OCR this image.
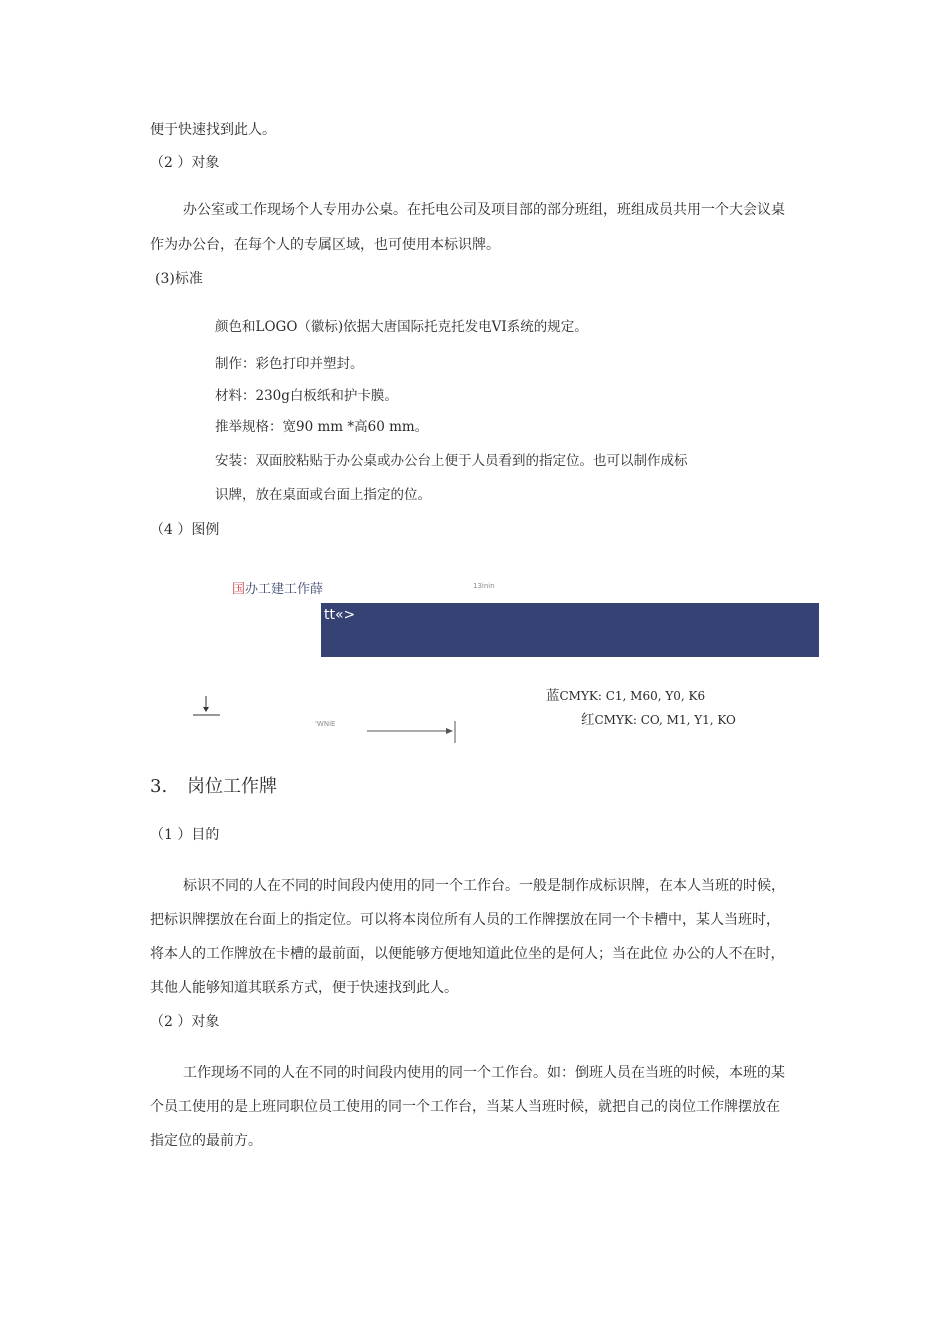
便于快速找到此人。
（2 ）对象
办公室或工作现场个人专用办公桌。在托电公司及项目部的部分班组，班组成员共用一个大会议桌
作为办公台，在每个人的专属区域，也可使用本标识牌。
(3)标准
颜色和LOGO（徽标)依据大唐国际托克托发电VI系统的规定。
制作：彩色打印并塑封。
材料：230g白板纸和护卡膜。
推举规格：宽90 mm *高60 mm。
安装：双面胶粘贴于办公桌或办公台上便于人员看到的指定位。也可以制作成标
识牌，放在桌面或台面上指定的位。
（4 ）图例
国办工建工作薛	13inin
tt«>
'WNiE
蓝CMYK: C1, M60, Y0, K6
红CMYK: CO, M1, Y1, KO
3. 岗位工作牌
（1 ）目的
标识不同的人在不同的时间段内使用的同一个工作台。一般是制作成标识牌，在本人当班的时候，
把标识牌摆放在台面上的指定位。可以将本岗位所有人员的工作牌摆放在同一个卡槽中，某人当班时，
将本人的工作牌放在卡槽的最前面，以便能够方便地知道此位坐的是何人；当在此位 办公的人不在时，
其他人能够知道其联系方式，便于快速找到此人。
（2 ）对象
工作现场不同的人在不同的时间段内使用的同一个工作台。如：倒班人员在当班的时候，本班的某
个员工使用的是上班同职位员工使用的同一个工作台，当某人当班时候，就把自己的岗位工作牌摆放在
指定位的最前方。
